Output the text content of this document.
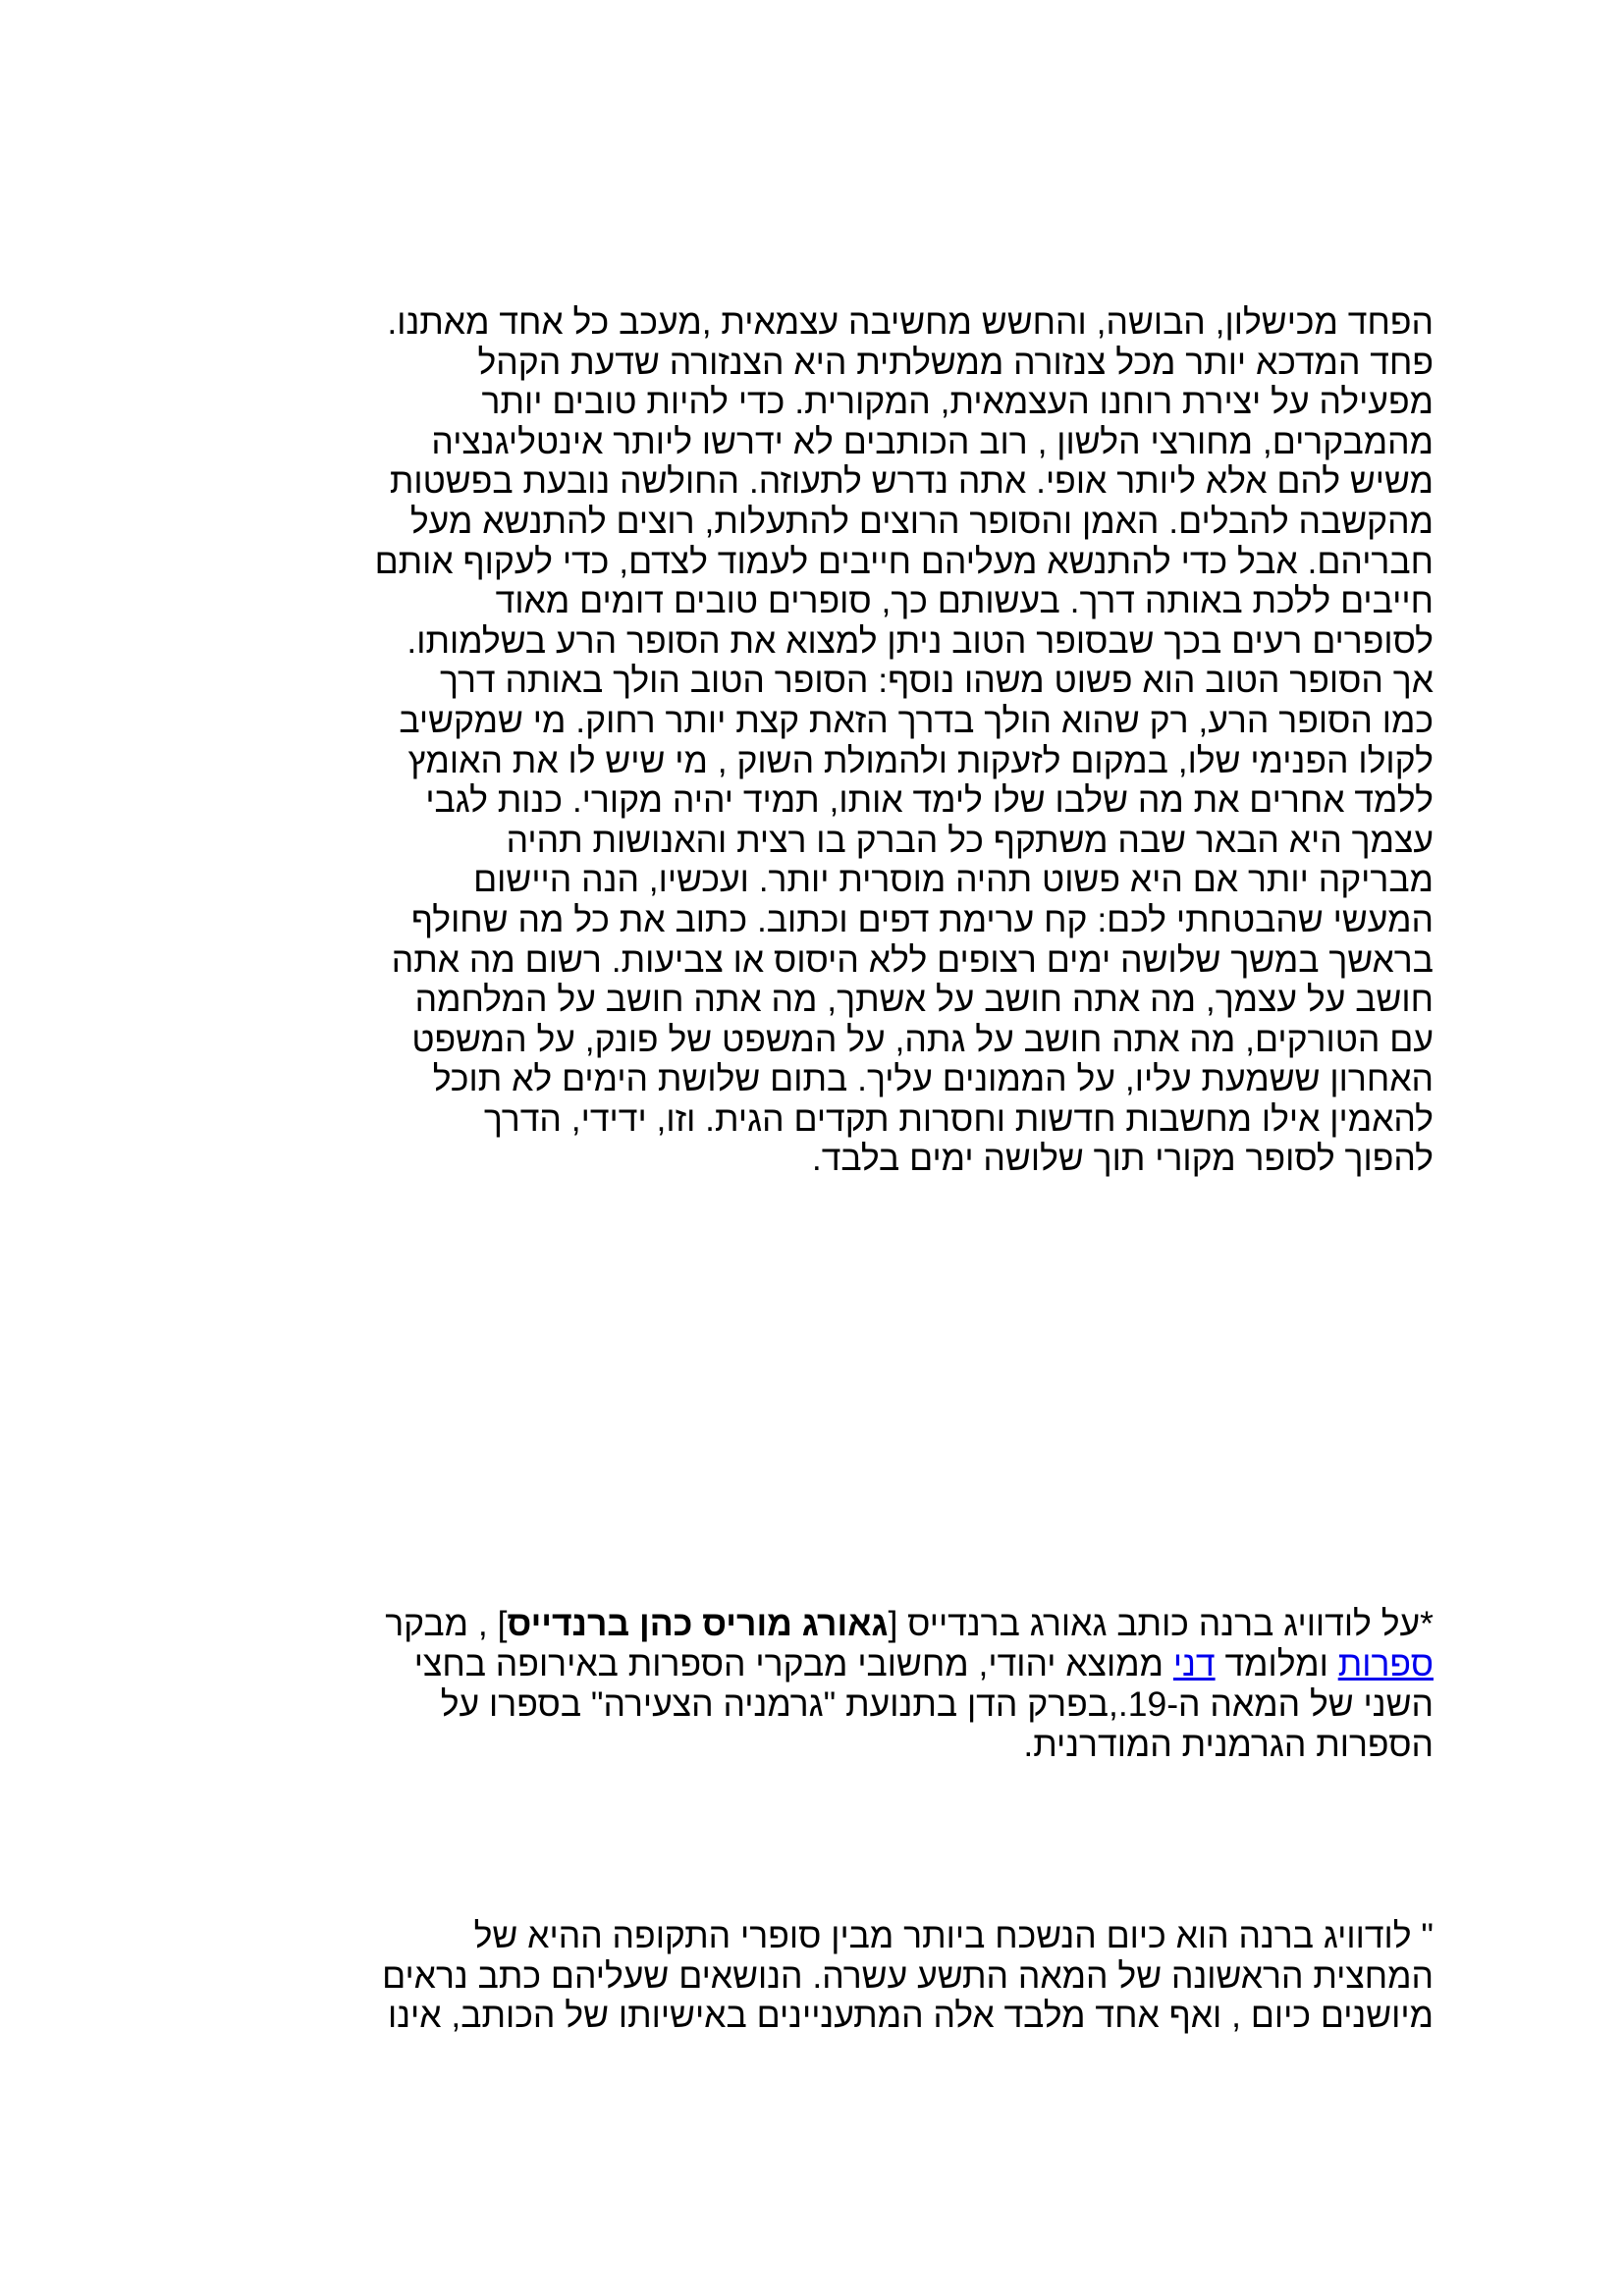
הפחד מכישלון, הבושה, והחשש מחשיבה עצמאית ,מעכב כל אחד מאתנו.
פחד המדכא יותר מכל צנזורה ממשלתית היא הצנזורה שדעת הקהל
מפעילה על יצירת רוחנו העצמאית, המקורית. כדי להיות טובים יותר
מהמבקרים, מחורצי הלשון , רוב הכותבים לא ידרשו ליותר אינטליגנציה
משיש להם אלא ליותר אופי. אתה נדרש לתעוזה. החולשה נובעת בפשטות
מהקשבה להבלים. האמן והסופר הרוצים להתעלות, רוצים להתנשא מעל
חבריהם. אבל כדי להתנשא מעליהם חייבים לעמוד לצדם, כדי לעקוף אותם
חייבים ללכת באותה דרך. בעשותם כך, סופרים טובים דומים מאוד
לסופרים רעים בכך שבסופר הטוב ניתן למצוא את הסופר הרע בשלמותו.
אך הסופר הטוב הוא פשוט משהו נוסף: הסופר הטוב הולך באותה דרך
כמו הסופר הרע, רק שהוא הולך בדרך הזאת קצת יותר רחוק. מי שמקשיב
לקולו הפנימי שלו, במקום לזעקות ולהמולת השוק , מי שיש לו את האומץ
ללמד אחרים את מה שלבו שלו לימד אותו, תמיד יהיה מקורי. כנות לגבי
עצמך היא הבאר שבה משתקף כל הברק בו רצית והאנושות תהיה
מבריקה יותר אם היא פשוט תהיה מוסרית יותר. ועכשיו, הנה היישום
המעשי שהבטחתי לכם: קח ערימת דפים וכתוב. כתוב את כל מה שחולף
בראשך במשך שלושה ימים רצופים ללא היסוס או צביעות. רשום מה אתה
חושב על עצמך, מה אתה חושב על אשתך, מה אתה חושב על המלחמה
עם הטורקים, מה אתה חושב על גתה, על המשפט של פונק, על המשפט
האחרון ששמעת עליו, על הממונים עליך. בתום שלושת הימים לא תוכל
להאמין אילו מחשבות חדשות וחסרות תקדים הגית. וזו, ידידי, הדרך
להפוך לסופר מקורי תוך שלושה ימים בלבד.
*על לודוויג ברנה כותב גאורג ברנדייס [גאורג מוריס כהן ברנדייס] , מבקר
ספרות ומלומד דני ממוצא יהודי, מחשובי מבקרי הספרות באירופה בחצי
השני של המאה ה-19.,בפרק הדן בתנועת "גרמניה הצעירה" בספרו על
הספרות הגרמנית המודרנית.
" לודוויג ברנה הוא כיום הנשכח ביותר מבין סופרי התקופה ההיא של
המחצית הראשונה של המאה התשע עשרה. הנושאים שעליהם כתב נראים
מיושנים כיום , ואף אחד מלבד אלה המתעניינים באישיותו של הכותב, אינו
